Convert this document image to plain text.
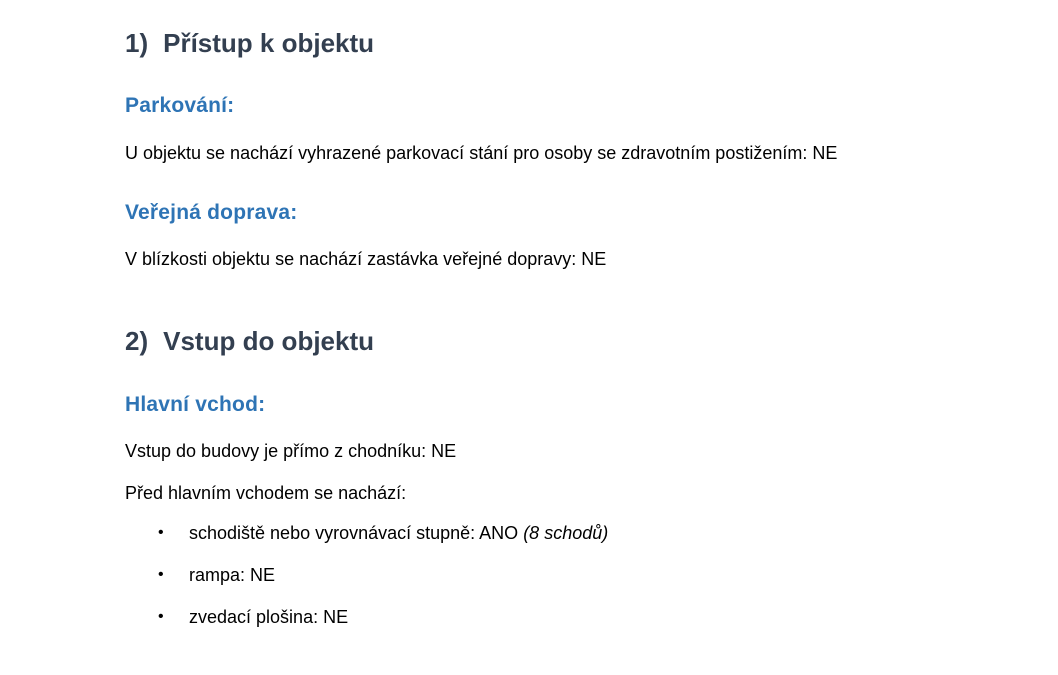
1) Přístup k objektu
Parkování:
U objektu se nachází vyhrazené parkovací stání pro osoby se zdravotním postižením: NE
Veřejná doprava:
V blízkosti objektu se nachází zastávka veřejné dopravy: NE
2) Vstup do objektu
Hlavní vchod:
Vstup do budovy je přímo z chodníku: NE
Před hlavním vchodem se nachází:
• schodiště nebo vyrovnávací stupně: ANO (8 schodů)
• rampa: NE
• zvedací plošina: NE
